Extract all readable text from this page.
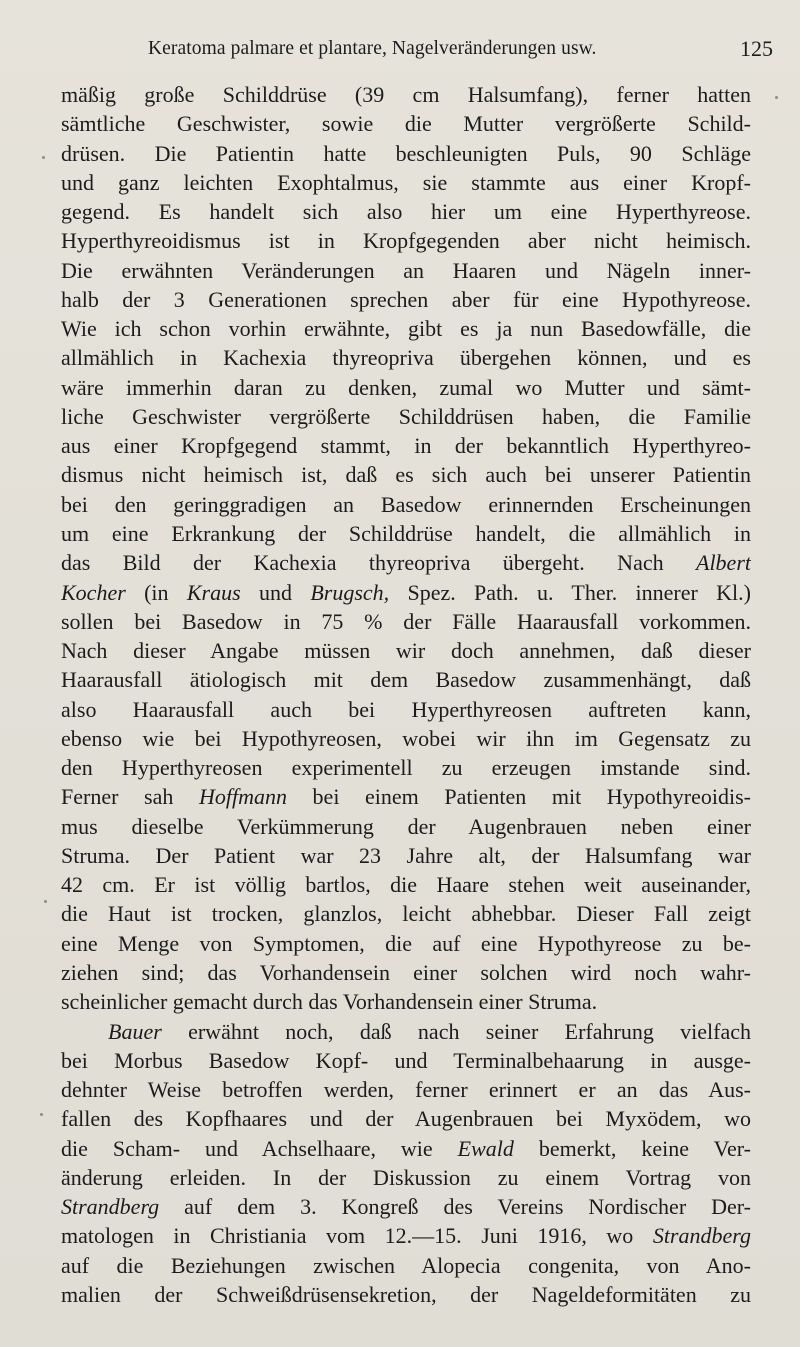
Keratoma palmare et plantare, Nagelveränderungen usw.	125
mäßig große Schilddrüse (39 cm Halsumfang), ferner hatten
sämtliche Geschwister, sowie die Mutter vergrößerte Schild-
drüsen. Die Patientin hatte beschleunigten Puls, 90 Schläge
und ganz leichten Exophtalmus, sie stammte aus einer Kropf-
gegend. Es handelt sich also hier um eine Hyperthyreose.
Hyperthyreoidismus ist in Kropfgegenden aber nicht heimisch.
Die erwähnten Veränderungen an Haaren und Nägeln inner-
halb der 3 Generationen sprechen aber für eine Hypothyreose.
Wie ich schon vorhin erwähnte, gibt es ja nun Basedowfälle, die
allmählich in Kachexia thyreopriva übergehen können, und es
wäre immerhin daran zu denken, zumal wo Mutter und sämt-
liche Geschwister vergrößerte Schilddrüsen haben, die Familie
aus einer Kropfgegend stammt, in der bekanntlich Hyperthyreo-
dismus nicht heimisch ist, daß es sich auch bei unserer Patientin
bei den geringgradigen an Basedow erinnernden Erscheinungen
um eine Erkrankung der Schilddrüse handelt, die allmählich in
das Bild der Kachexia thyreopriva übergeht. Nach Albert
Kocher (in Kraus und Brugsch, Spez. Path. u. Ther. innerer Kl.)
sollen bei Basedow in 75 % der Fälle Haarausfall vorkommen.
Nach dieser Angabe müssen wir doch annehmen, daß dieser
Haarausfall ätiologisch mit dem Basedow zusammenhängt, daß
also Haarausfall auch bei Hyperthyreosen auftreten kann,
ebenso wie bei Hypothyreosen, wobei wir ihn im Gegensatz zu
den Hyperthyreosen experimentell zu erzeugen imstande sind.
Ferner sah Hoffmann bei einem Patienten mit Hypothyreoidis-
mus dieselbe Verkümmerung der Augenbrauen neben einer
Struma. Der Patient war 23 Jahre alt, der Halsumfang war
42 cm. Er ist völlig bartlos, die Haare stehen weit auseinander,
die Haut ist trocken, glanzlos, leicht abhebbar. Dieser Fall zeigt
eine Menge von Symptomen, die auf eine Hypothyreose zu be-
ziehen sind; das Vorhandensein einer solchen wird noch wahr-
scheinlicher gemacht durch das Vorhandensein einer Struma.
Bauer erwähnt noch, daß nach seiner Erfahrung vielfach
bei Morbus Basedow Kopf- und Terminalbehaarung in ausge-
dehnter Weise betroffen werden, ferner erinnert er an das Aus-
fallen des Kopfhaares und der Augenbrauen bei Myxödem, wo
die Scham- und Achselhaare, wie Ewald bemerkt, keine Ver-
änderung erleiden. In der Diskussion zu einem Vortrag von
Strandberg auf dem 3. Kongreß des Vereins Nordischer Der-
matologen in Christiania vom 12.—15. Juni 1916, wo Strandberg
auf die Beziehungen zwischen Alopecia congenita, von Ano-
malien der Schweißdrüsensekretion, der Nageldeformitäten zu
